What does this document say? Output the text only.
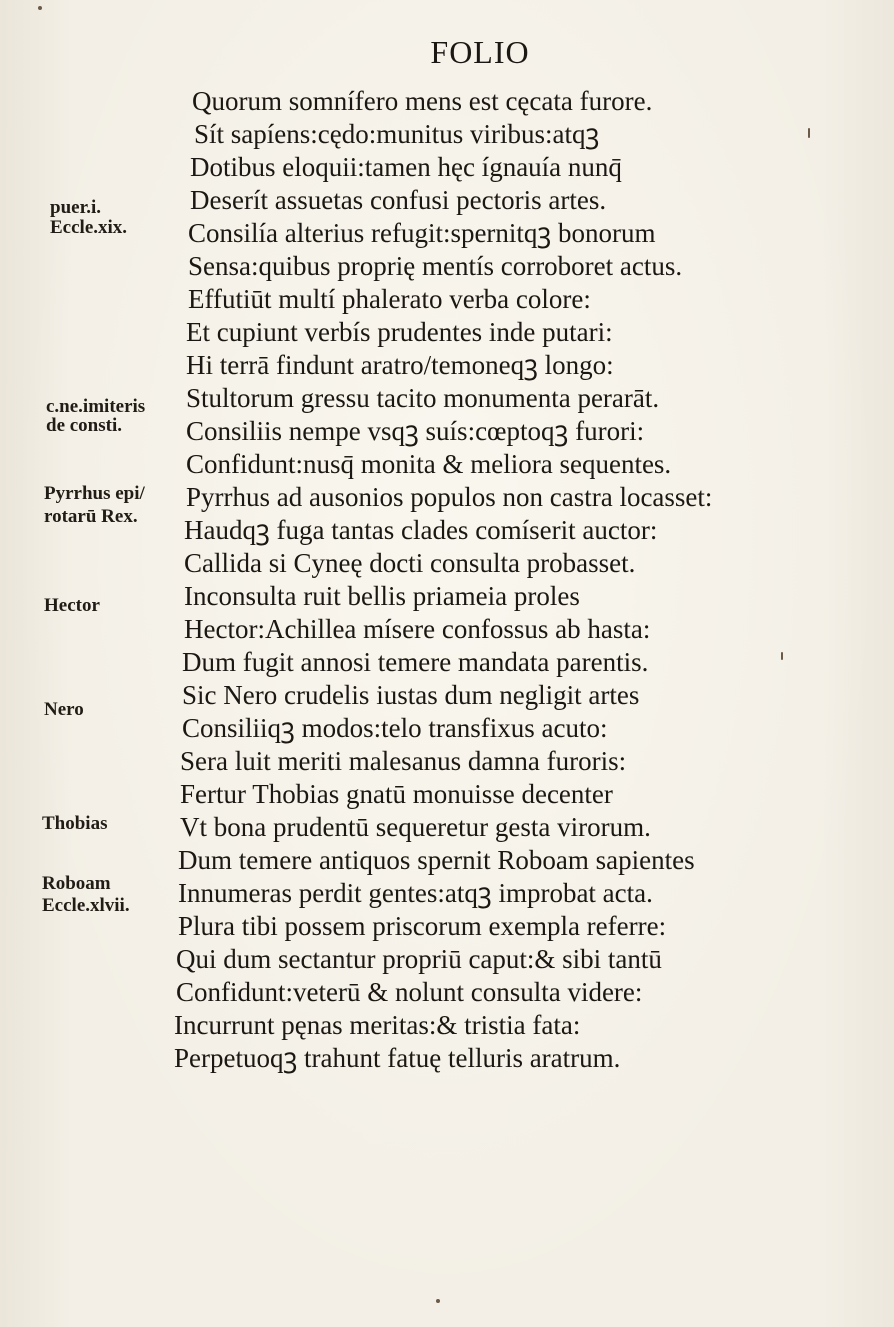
FOLIO
Quorum somnífero mens est cęcata furore.
Sít sapíens:cędo:munitus viribus:atqꝫ
Dotibus eloquii:tamen hęc ígnauía nunq̄
Deserít assuetas confusi pectoris artes.
Consilía alterius refugit:spernitqꝫ bonorum
Sensa:quibus proprię mentís corroboret actus.
Effutiūt multí phalerato verba colore:
Et cupiunt verbís prudentes inde putari:
Hi terrā findunt aratro/temoneqꝫ longo:
Stultorum gressu tacito monumenta perarāt.
Consiliis nempe vsqꝫ suís:cœptoqꝫ furori:
Confidunt:nusq̄ monita & meliora sequentes.
Pyrrhus ad ausonios populos non castra locasset:
Haudqꝫ fuga tantas clades comíserit auctor:
Callida si Cyneę docti consulta probasset.
Inconsulta ruit bellis priameia proles
Hector:Achillea mísere confossus ab hasta:
Dum fugit annosi temere mandata parentis.
Sic Nero crudelis iustas dum negligit artes
Consiliiqꝫ modos:telo transfixus acuto:
Sera luit meriti malesanus damna furoris:
Fertur Thobias gnatū monuisse decenter
Vt bona prudentū sequeretur gesta virorum.
Dum temere antiquos spernit Roboam sapientes
Innumeras perdit gentes:atqꝫ improbat acta.
Plura tibi possem priscorum exempla referre:
Qui dum sectantur propriū caput:& sibi tantū
Confidunt:veterū & nolunt consulta videre:
Incurrunt pęnas meritas:& tristia fata:
Perpetuoqꝫ trahunt fatuę telluris aratrum.
puer.i.
Eccle.xix.
c.ne.imiteris
de consti.
Pyrrhus epi/
rotarū Rex.
Hector
Nero
Thobias
Roboam
Eccle.xlvii.
